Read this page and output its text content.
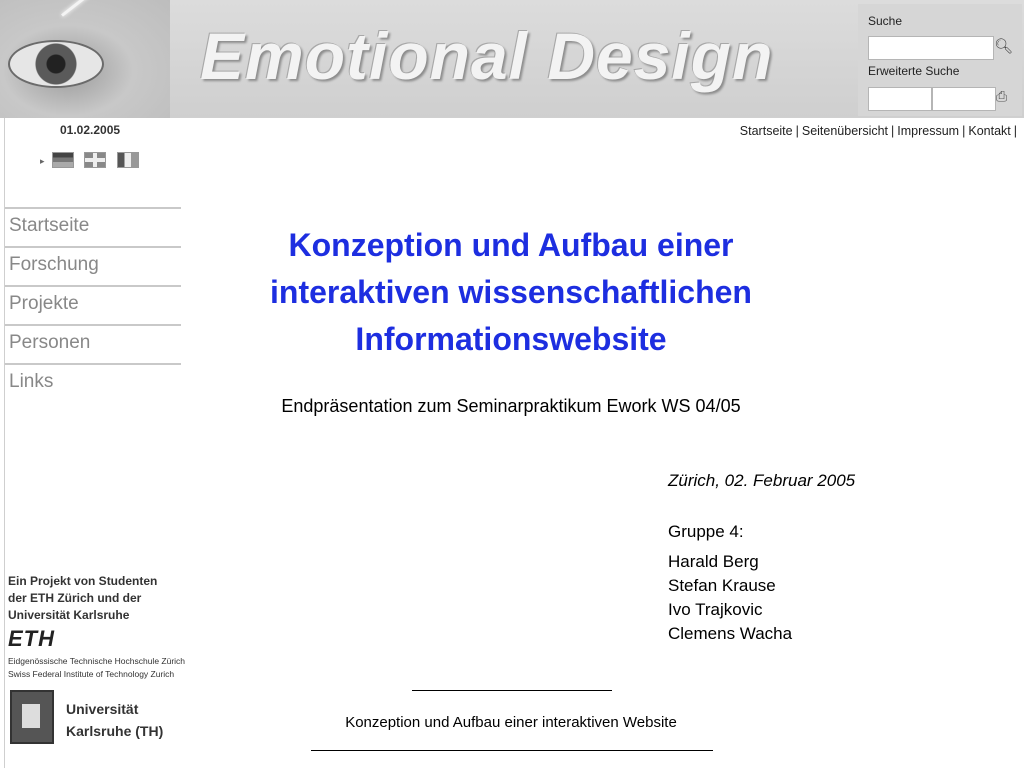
Emotional Design	Suche
🔍︎
Erweiterte Suche
⎙
01.02.2005
▸
Startseite | Seitenübersicht | Impressum | Kontakt |
Startseite
Forschung
Projekte
Personen
Links
Ein Projekt von Studenten
der ETH Zürich und der
Universität Karlsruhe
ETH
Eidgenössische Technische Hochschule Zürich
Swiss Federal Institute of Technology Zurich
Universität
Karlsruhe (TH)
Konzeption und Aufbau einer
interaktiven wissenschaftlichen
Informationswebsite
Endpräsentation zum Seminarpraktikum Ework WS 04/05
Zürich, 02. Februar 2005
Gruppe 4:
Harald Berg
Stefan Krause
Ivo Trajkovic
Clemens Wacha
Konzeption und Aufbau einer interaktiven Website
